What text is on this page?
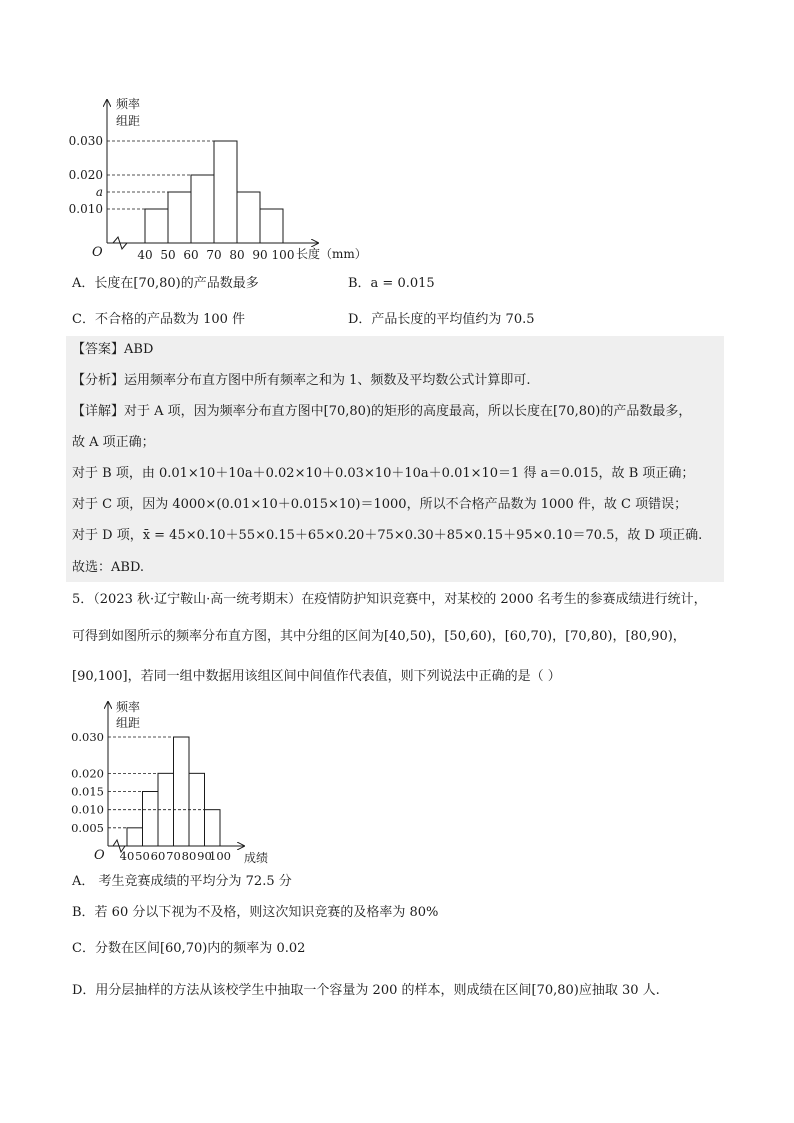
频率
组距
O
0.030
0.020
a
0.010
40 50 60 70 80 90 100 长度（mm）
A．长度在[70,80)的产品数最多	B．a = 0.015
C．不合格的产品数为 100 件	D．产品长度的平均值约为 70.5
【答案】ABD
【分析】运用频率分布直方图中所有频率之和为 1、频数及平均数公式计算即可.
【详解】对于 A 项，因为频率分布直方图中[70,80)的矩形的高度最高，所以长度在[70,80)的产品数最多，
故 A 项正确；
对于 B 项，由 0.01×10＋10a＋0.02×10＋0.03×10＋10a＋0.01×10＝1 得 a＝0.015，故 B 项正确；
对于 C 项，因为 4000×(0.01×10＋0.015×10)＝1000，所以不合格产品数为 1000 件，故 C 项错误；
对于 D 项，x̄ = 45×0.10＋55×0.15＋65×0.20＋75×0.30＋85×0.15＋95×0.10＝70.5，故 D 项正确.
故选：ABD.
5．（2023 秋·辽宁鞍山·高一统考期末）在疫情防护知识竞赛中，对某校的 2000 名考生的参赛成绩进行统计，
可得到如图所示的频率分布直方图，其中分组的区间为[40,50)，[50,60)，[60,70)，[70,80)，[80,90)，
[90,100]，若同一组中数据用该组区间中间值作代表值，则下列说法中正确的是（ ）
频率
组距
O
0.030
0.020
0.015
0.010
0.005
40 50 60 70 80 90
100 成绩
A． 考生竞赛成绩的平均分为 72.5 分
B．若 60 分以下视为不及格，则这次知识竞赛的及格率为 80%
C．分数在区间[60,70)内的频率为 0.02
D．用分层抽样的方法从该校学生中抽取一个容量为 200 的样本，则成绩在区间[70,80)应抽取 30 人.
